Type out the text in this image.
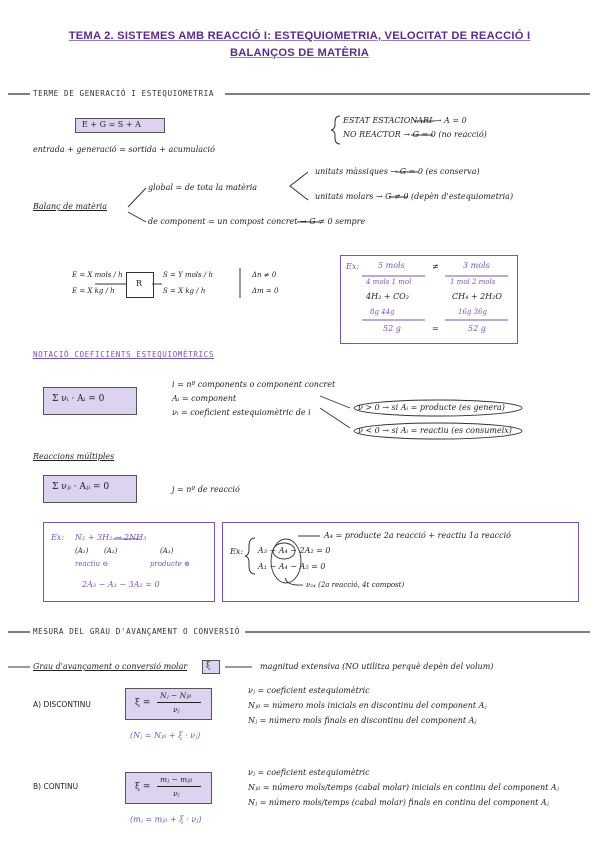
TEMA 2. SISTEMES AMB REACCIÓ I: ESTEQUIOMETRIA, VELOCITAT DE REACCIÓ I
BALANÇOS DE MATÈRIA
TERME DE GENERACIÓ I ESTEQUIOMETRIA
E + G = S + A
entrada + generació = sortida + acumulació
ESTAT ESTACIONARI → A = 0
NO REACTOR → G = 0 (no reacció)
Balanç de matèria
global = de tota la matèria
unitats màssiques → G = 0 (es conserva)
unitats molars → G ≠ 0 (depèn d'estequiometria)
de component = un compost concret → G ≠ 0 sempre
E = X mols / h
E = X kg / h
R
S = Y mols / h
S = X kg / h
Δn ≠ 0
Δm = 0
Ex: 5 mols	≠	3 mols
4 mols 1 mol	1 mol 2 mols
4H₂ + CO₂	CH₄ + 2H₂O
8g 44g	16g 36g
52 g	=	52 g
NOTACIÓ COEFICIENTS ESTEQUIOMÈTRICS
Σ νᵢ · Aᵢ = 0
i = nº components o component concret
Aᵢ = component
νᵢ = coeficient estequiomètric de i
ν > 0 → si Aᵢ = producte (es genera)
ν < 0 → si Aᵢ = reactiu (es consumeix)
Reaccions múltiples
Σ νⱼᵢ · Aⱼᵢ = 0	j = nº de reacció
Ex: N₂ + 3H₂ → 2NH₃
(A₁) (A₂)	(A₃)
reactiu ⊖	producte ⊕
2A₃ − A₁ − 3A₂ = 0
Ex:
A₄ = producte 2a reacció + reactiu 1a reacció
A₃ − A₄ − 2A₂ = 0
A₁ − A₄ − A₅ = 0
ν₂₄ (2a reacció, 4t compost)
MESURA DEL GRAU D'AVANÇAMENT O CONVERSIÓ
Grau d'avançament o conversió molar ξ	magnitud extensiva (NO utilitza perquè depèn del volum)
A) DISCONTINU	ξ =
Nⱼ − Nⱼ₀
νⱼ
(Nⱼ = Nⱼ₀ + ξ · νⱼ)
νⱼ = coeficient estequiomètric
Nⱼ₀ = número mols inicials en discontinu del component Aⱼ
Nⱼ = número mols finals en discontinu del component Aⱼ
B) CONTINU	ξ =
mⱼ − mⱼ₀
νⱼ
(mⱼ = mⱼ₀ + ξ · νⱼ)
νⱼ = coeficient estequiomètric
Nⱼ₀ = número mols/temps (cabal molar) inicials en continu del component Aⱼ
Nⱼ = número mols/temps (cabal molar) finals en continu del component Aⱼ
